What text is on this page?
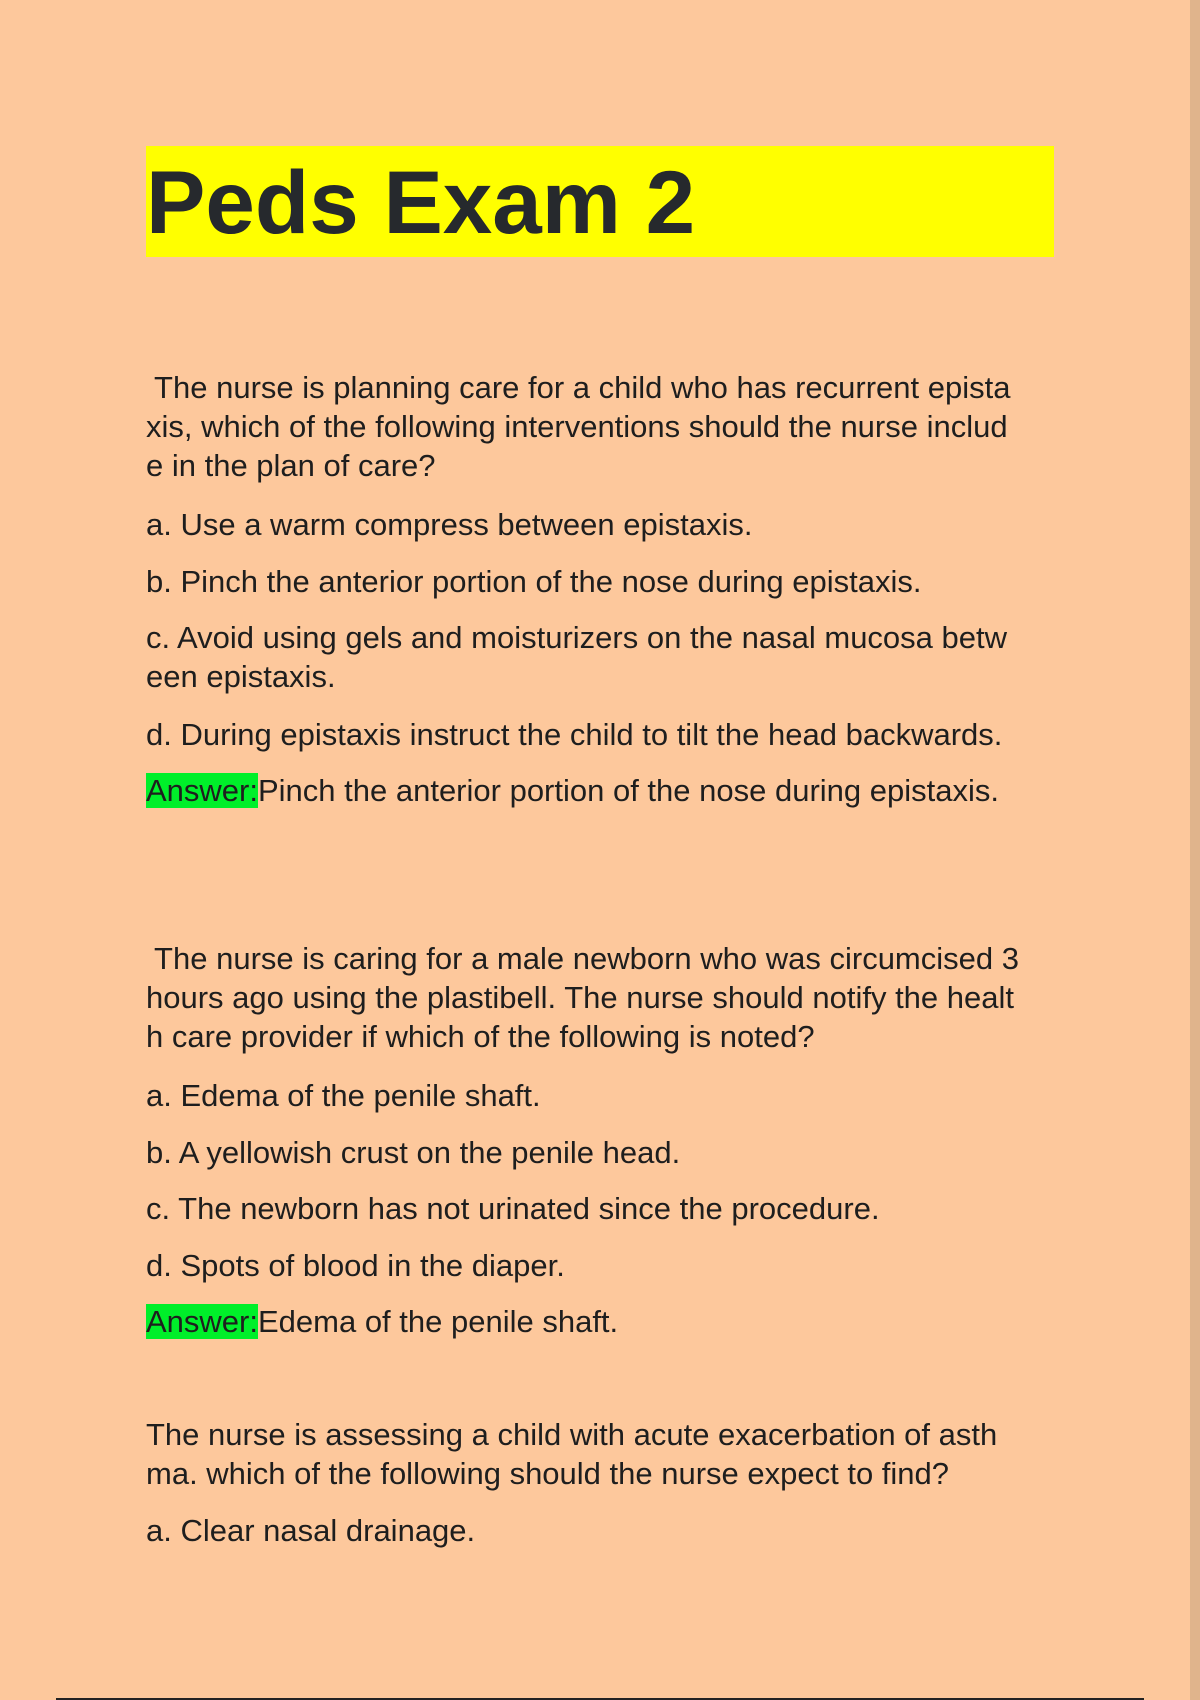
Peds Exam 2
The nurse is planning care for a child who has recurrent epista
xis, which of the following interventions should the nurse includ
e in the plan of care?
a. Use a warm compress between epistaxis.
b. Pinch the anterior portion of the nose during epistaxis.
c. Avoid using gels and moisturizers on the nasal mucosa betw
een epistaxis.
d. During epistaxis instruct the child to tilt the head backwards.
Answer:Pinch the anterior portion of the nose during epistaxis.
The nurse is caring for a male newborn who was circumcised 3
hours ago using the plastibell. The nurse should notify the healt
h care provider if which of the following is noted?
a. Edema of the penile shaft.
b. A yellowish crust on the penile head.
c. The newborn has not urinated since the procedure.
d. Spots of blood in the diaper.
Answer:Edema of the penile shaft.
The nurse is assessing a child with acute exacerbation of asth
ma. which of the following should the nurse expect to find?
a. Clear nasal drainage.
